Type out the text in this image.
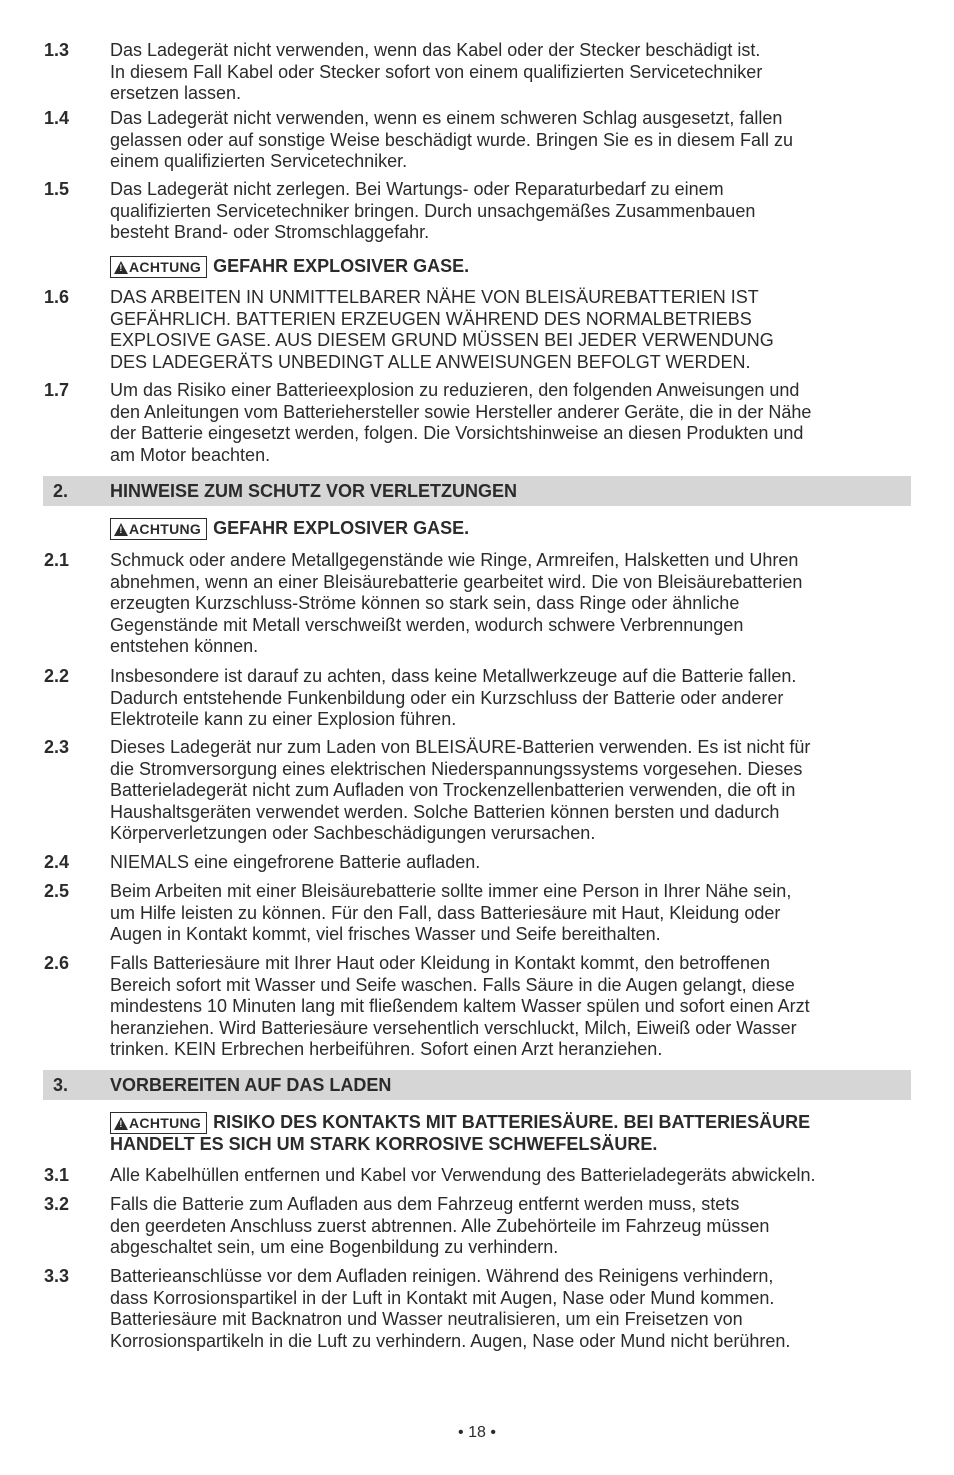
1.3	Das Ladegerät nicht verwenden, wenn das Kabel oder der Stecker beschädigt ist.
In diesem Fall Kabel oder Stecker sofort von einem qualifizierten Servicetechniker
ersetzen lassen.
1.4	Das Ladegerät nicht verwenden, wenn es einem schweren Schlag ausgesetzt, fallen
gelassen oder auf sonstige Weise beschädigt wurde. Bringen Sie es in diesem Fall zu
einem qualifizierten Servicetechniker.
1.5	Das Ladegerät nicht zerlegen. Bei Wartungs- oder Reparaturbedarf zu einem
qualifizierten Servicetechniker bringen. Durch unsachgemäßes Zusammenbauen
besteht Brand- oder Stromschlaggefahr.
! ACHTUNG GEFAHR EXPLOSIVER GASE.
1.6	DAS ARBEITEN IN UNMITTELBARER NÄHE VON BLEISÄUREBATTERIEN IST
GEFÄHRLICH. BATTERIEN ERZEUGEN WÄHREND DES NORMALBETRIEBS
EXPLOSIVE GASE. AUS DIESEM GRUND MÜSSEN BEI JEDER VERWENDUNG
DES LADEGERÄTS UNBEDINGT ALLE ANWEISUNGEN BEFOLGT WERDEN.
1.7	Um das Risiko einer Batterieexplosion zu reduzieren, den folgenden Anweisungen und
den Anleitungen vom Batteriehersteller sowie Hersteller anderer Geräte, die in der Nähe
der Batterie eingesetzt werden, folgen. Die Vorsichtshinweise an diesen Produkten und
am Motor beachten.
2. HINWEISE ZUM SCHUTZ VOR VERLETZUNGEN
! ACHTUNG GEFAHR EXPLOSIVER GASE.
2.1	Schmuck oder andere Metallgegenstände wie Ringe, Armreifen, Halsketten und Uhren
abnehmen, wenn an einer Bleisäurebatterie gearbeitet wird. Die von Bleisäurebatterien
erzeugten Kurzschluss-Ströme können so stark sein, dass Ringe oder ähnliche
Gegenstände mit Metall verschweißt werden, wodurch schwere Verbrennungen
entstehen können.
2.2	Insbesondere ist darauf zu achten, dass keine Metallwerkzeuge auf die Batterie fallen.
Dadurch entstehende Funkenbildung oder ein Kurzschluss der Batterie oder anderer
Elektroteile kann zu einer Explosion führen.
2.3	Dieses Ladegerät nur zum Laden von BLEISÄURE-Batterien verwenden. Es ist nicht für
die Stromversorgung eines elektrischen Niederspannungssystems vorgesehen. Dieses
Batterieladegerät nicht zum Aufladen von Trockenzellenbatterien verwenden, die oft in
Haushaltsgeräten verwendet werden. Solche Batterien können bersten und dadurch
Körperverletzungen oder Sachbeschädigungen verursachen.
2.4	NIEMALS eine eingefrorene Batterie aufladen.
2.5	Beim Arbeiten mit einer Bleisäurebatterie sollte immer eine Person in Ihrer Nähe sein,
um Hilfe leisten zu können. Für den Fall, dass Batteriesäure mit Haut, Kleidung oder
Augen in Kontakt kommt, viel frisches Wasser und Seife bereithalten.
2.6	Falls Batteriesäure mit Ihrer Haut oder Kleidung in Kontakt kommt, den betroffenen
Bereich sofort mit Wasser und Seife waschen. Falls Säure in die Augen gelangt, diese
mindestens 10 Minuten lang mit fließendem kaltem Wasser spülen und sofort einen Arzt
heranziehen. Wird Batteriesäure versehentlich verschluckt, Milch, Eiweiß oder Wasser
trinken. KEIN Erbrechen herbeiführen. Sofort einen Arzt heranziehen.
3. VORBEREITEN AUF DAS LADEN
! ACHTUNG RISIKO DES KONTAKTS MIT BATTERIESÄURE. BEI BATTERIESÄURE
HANDELT ES SICH UM STARK KORROSIVE SCHWEFELSÄURE.
3.1	Alle Kabelhüllen entfernen und Kabel vor Verwendung des Batterieladegeräts abwickeln.
3.2	Falls die Batterie zum Aufladen aus dem Fahrzeug entfernt werden muss, stets
den geerdeten Anschluss zuerst abtrennen. Alle Zubehörteile im Fahrzeug müssen
abgeschaltet sein, um eine Bogenbildung zu verhindern.
3.3	Batterieanschlüsse vor dem Aufladen reinigen. Während des Reinigens verhindern,
dass Korrosionspartikel in der Luft in Kontakt mit Augen, Nase oder Mund kommen.
Batteriesäure mit Backnatron und Wasser neutralisieren, um ein Freisetzen von
Korrosionspartikeln in die Luft zu verhindern. Augen, Nase oder Mund nicht berühren.
• 18 •
